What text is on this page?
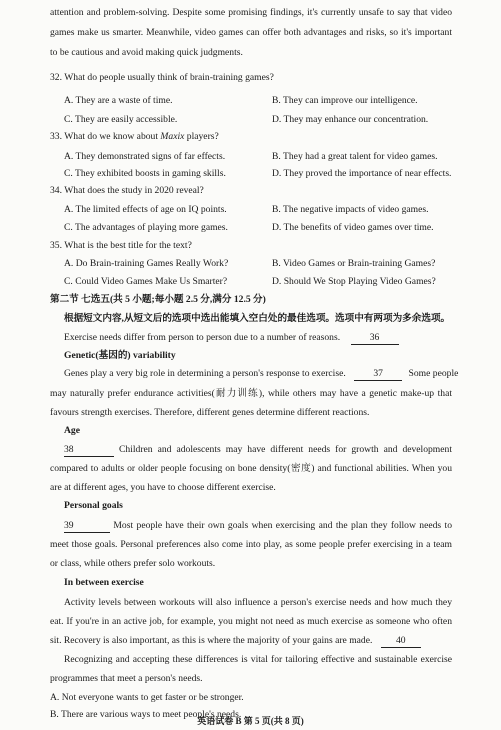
attention and problem-solving. Despite some promising findings, it's currently unsafe to say that video
games make us smarter. Meanwhile, video games can offer both advantages and risks, so it's important
to be cautious and avoid making quick judgments.
32. What do people usually think of brain-training games?
A. They are a waste of time.	B. They can improve our intelligence.
C. They are easily accessible.	D. They may enhance our concentration.
33. What do we know about Maxix players?
A. They demonstrated signs of far effects.	B. They had a great talent for video games.
C. They exhibited boosts in gaming skills.	D. They proved the importance of near effects.
34. What does the study in 2020 reveal?
A. The limited effects of age on IQ points.	B. The negative impacts of video games.
C. The advantages of playing more games.	D. The benefits of video games over time.
35. What is the best title for the text?
A. Do Brain-training Games Really Work?	B. Video Games or Brain-training Games?
C. Could Video Games Make Us Smarter?	D. Should We Stop Playing Video Games?
第二节 七选五(共 5 小题;每小题 2.5 分,满分 12.5 分)
根据短文内容,从短文后的选项中选出能填入空白处的最佳选项。选项中有两项为多余选项。
Exercise needs differ from person to person due to a number of reasons.	36
Genetic(基因的) variability
Genes play a very big role in determining a person's response to exercise.	37	Some people
may naturally prefer endurance activities(耐力训练), while others may have a genetic make-up that
favours strength exercises. Therefore, different genes determine different reactions.
Age
38	Children and adolescents may have different needs for growth and development
compared to adults or older people focusing on bone density(密度) and functional abilities. When you
are at different ages, you have to choose different exercise.
Personal goals
39	Most people have their own goals when exercising and the plan they follow needs to
meet those goals. Personal preferences also come into play, as some people prefer exercising in a team
or class, while others prefer solo workouts.
In between exercise
Activity levels between workouts will also influence a person's exercise needs and how much they
eat. If you're in an active job, for example, you might not need as much exercise as someone who often
sit. Recovery is also important, as this is where the majority of your gains are made. 40
Recognizing and accepting these differences is vital for tailoring effective and sustainable exercise
programmes that meet a person's needs.
A. Not everyone wants to get faster or be stronger.
B. There are various ways to meet people's needs.
英语试卷 B 第 5 页(共 8 页)
